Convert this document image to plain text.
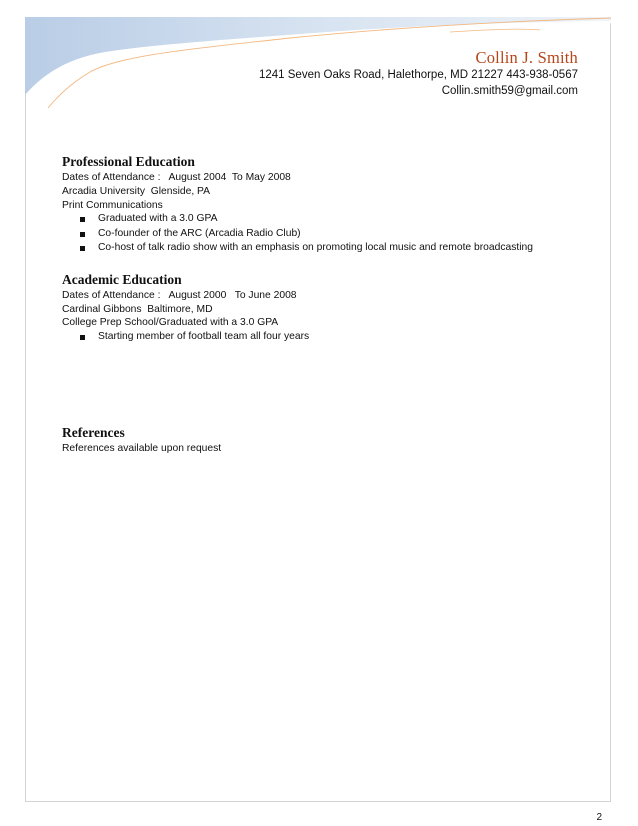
Collin J. Smith
1241 Seven Oaks Road, Halethorpe, MD 21227 443-938-0567
Collin.smith59@gmail.com
Professional Education

Dates of Attendance :   August 2004  To May 2008

Arcadia University  Glenside, PA

Print Communications

Graduated with a 3.0 GPA
Co-founder of the ARC (Arcadia Radio Club)
Co-host of talk radio show with an emphasis on promoting local music and remote broadcasting
Academic Education

Dates of Attendance :   August 2000   To June 2008

Cardinal Gibbons  Baltimore, MD

College Prep School/Graduated with a 3.0 GPA

Starting member of football team all four years
References

References available upon request

2
